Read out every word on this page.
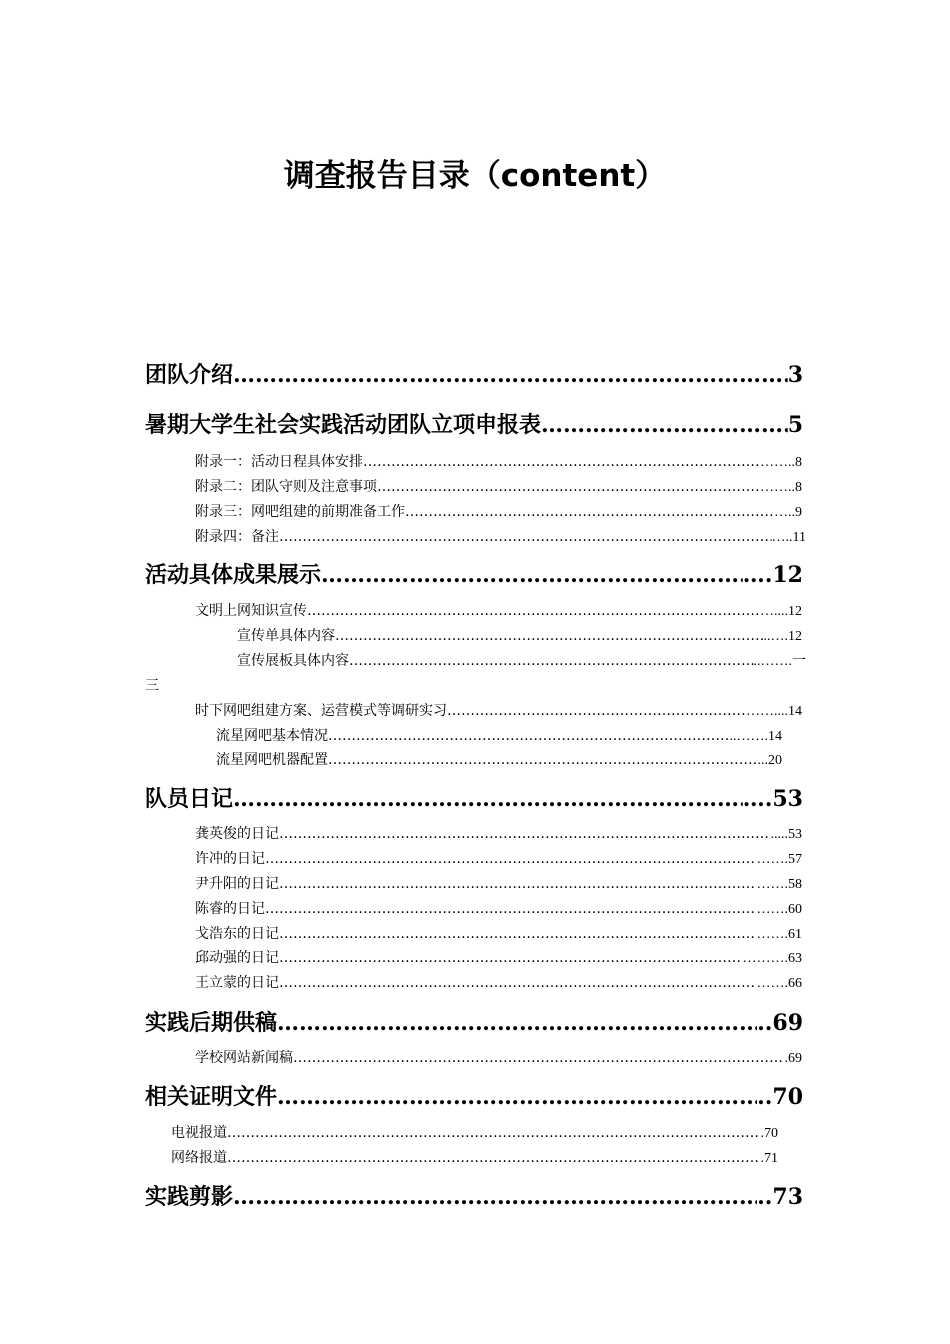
调查报告目录（content）
团队介绍 ………………………………………………………………………………………………………………………………………………………………………………………………………………………………………………………………………………………………………………………………	3
暑期大学生社会实践活动团队立项申报表 ………………………………………………………………………………………………………………………………………………………………………………………………………………………………………………………………………………………………………………………………	5
附录一：活动日程具体安排 ………………………………………………………………………………………………………………………………………………………………………………………………………………………………………………………………………………………………………………………………	……..8
附录二：团队守则及注意事项 ………………………………………………………………………………………………………………………………………………………………………………………………………………………………………………………………………………………………………………………………	……..8
附录三：网吧组建的前期准备工作 ………………………………………………………………………………………………………………………………………………………………………………………………………………………………………………………………………………………………………………………………	…..9
附录四：备注 ………………………………………………………………………………………………………………………………………………………………………………………………………………………………………………………………………………………………………………………………	…..11
活动具体成果展示 ………………………………………………………………………………………………………………………………………………………………………………………………………………………………………………………………………………………………………………………………	….12
文明上网知识宣传 ………………………………………………………………………………………………………………………………………………………………………………………………………………………………………………………………………………………………………………………………	…....12
宣传单具体内容 ………………………………………………………………………………………………………………………………………………………………………………………………………………………………………………………………………………………………………………………………	..….12
宣传展板具体内容 ………………………………………………………………………………………………………………………………………………………………………………………………………………………………………………………………………………………………………………………………	..…….一
三
时下网吧组建方案、运营模式等调研实习 ………………………………………………………………………………………………………………………………………………………………………………………………………………………………………………………………………………………………………………………………	……....14
流星网吧基本情况 ………………………………………………………………………………………………………………………………………………………………………………………………………………………………………………………………………………………………………………………………	..…….14
流星网吧机器配置 ………………………………………………………………………………………………………………………………………………………………………………………………………………………………………………………………………………………………………………………………	...20
队员日记 ………………………………………………………………………………………………………………………………………………………………………………………………………………………………………………………………………………………………………………………………	….53
龚英俊的日记 ………………………………………………………………………………………………………………………………………………………………………………………………………………………………………………………………………………………………………………………………	.....53
许冲的日记 ………………………………………………………………………………………………………………………………………………………………………………………………………………………………………………………………………………………………………………………………	…….57
尹升阳的日记 ………………………………………………………………………………………………………………………………………………………………………………………………………………………………………………………………………………………………………………………………	…….58
陈睿的日记 ………………………………………………………………………………………………………………………………………………………………………………………………………………………………………………………………………………………………………………………………	…….60
戈浩东的日记 ………………………………………………………………………………………………………………………………………………………………………………………………………………………………………………………………………………………………………………………………	…….61
邱动强的日记 ………………………………………………………………………………………………………………………………………………………………………………………………………………………………………………………………………………………………………………………………	……….63
王立蒙的日记 ………………………………………………………………………………………………………………………………………………………………………………………………………………………………………………………………………………………………………………………………	…….66
实践后期供稿 ………………………………………………………………………………………………………………………………………………………………………………………………………………………………………………………………………………………………………………………………	..69
学校网站新闻稿 ………………………………………………………………………………………………………………………………………………………………………………………………………………………………………………………………………………………………………………………………	.69
相关证明文件 ………………………………………………………………………………………………………………………………………………………………………………………………………………………………………………………………………………………………………………………………	..70
电视报道 ………………………………………………………………………………………………………………………………………………………………………………………………………………………………………………………………………………………………………………………………	.70
网络报道 ………………………………………………………………………………………………………………………………………………………………………………………………………………………………………………………………………………………………………………………………	.71
实践剪影 ………………………………………………………………………………………………………………………………………………………………………………………………………………………………………………………………………………………………………………………………	..73
